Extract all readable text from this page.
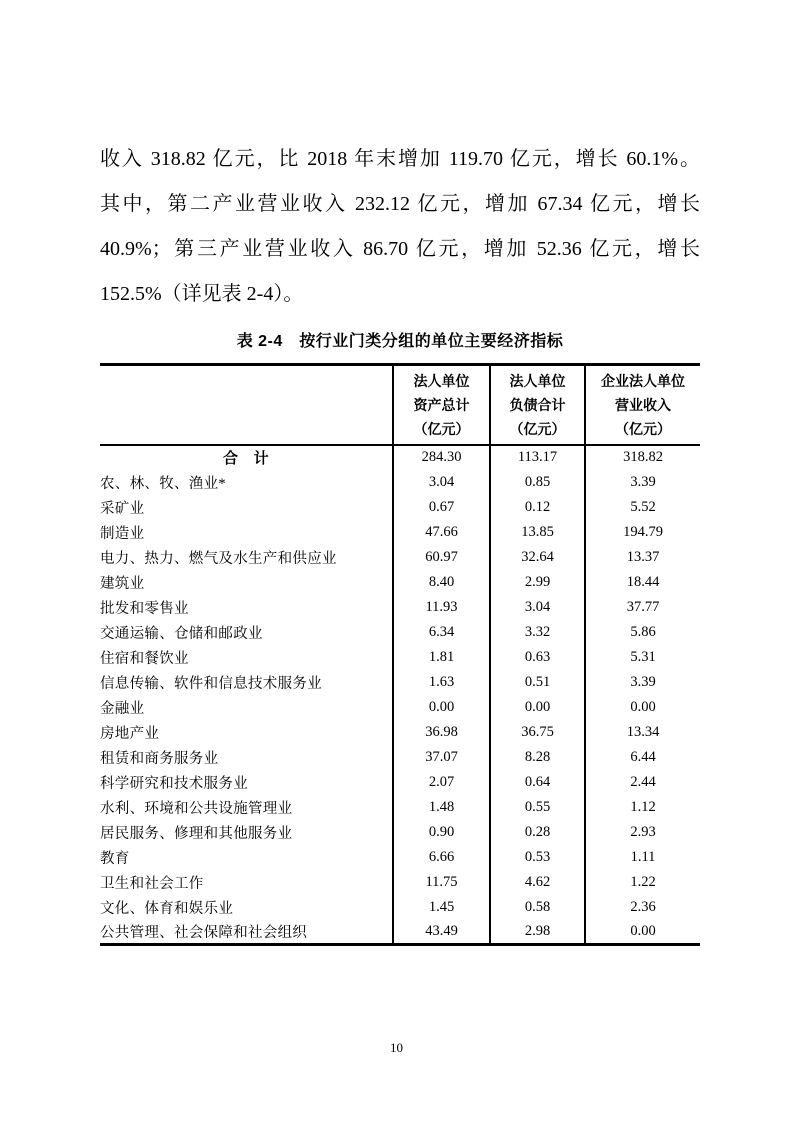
收入 318.82 亿元，比 2018 年末增加 119.70 亿元，增长 60.1%。
其中，第二产业营业收入 232.12 亿元，增加 67.34 亿元，增长
40.9%；第三产业营业收入 86.70 亿元，增加 52.36 亿元，增长
152.5%（详见表 2-4）。
表 2-4　按行业门类分组的单位主要经济指标

法人单位
资产总计
（亿元）

法人单位
负债合计
（亿元）

企业法人单位
营业收入
（亿元）

合　计	284.30	113.17	318.82
农、林、牧、渔业*	3.04	0.85	3.39
采矿业	0.67	0.12	5.52
制造业	47.66	13.85	194.79
电力、热力、燃气及水生产和供应业	60.97	32.64	13.37
建筑业	8.40	2.99	18.44
批发和零售业	11.93	3.04	37.77
交通运输、仓储和邮政业	6.34	3.32	5.86
住宿和餐饮业	1.81	0.63	5.31
信息传输、软件和信息技术服务业	1.63	0.51	3.39
金融业	0.00	0.00	0.00
房地产业	36.98	36.75	13.34
租赁和商务服务业	37.07	8.28	6.44
科学研究和技术服务业	2.07	0.64	2.44
水利、环境和公共设施管理业	1.48	0.55	1.12
居民服务、修理和其他服务业	0.90	0.28	2.93
教育	6.66	0.53	1.11
卫生和社会工作	11.75	4.62	1.22
文化、体育和娱乐业	1.45	0.58	2.36
公共管理、社会保障和社会组织	43.49	2.98	0.00
10
